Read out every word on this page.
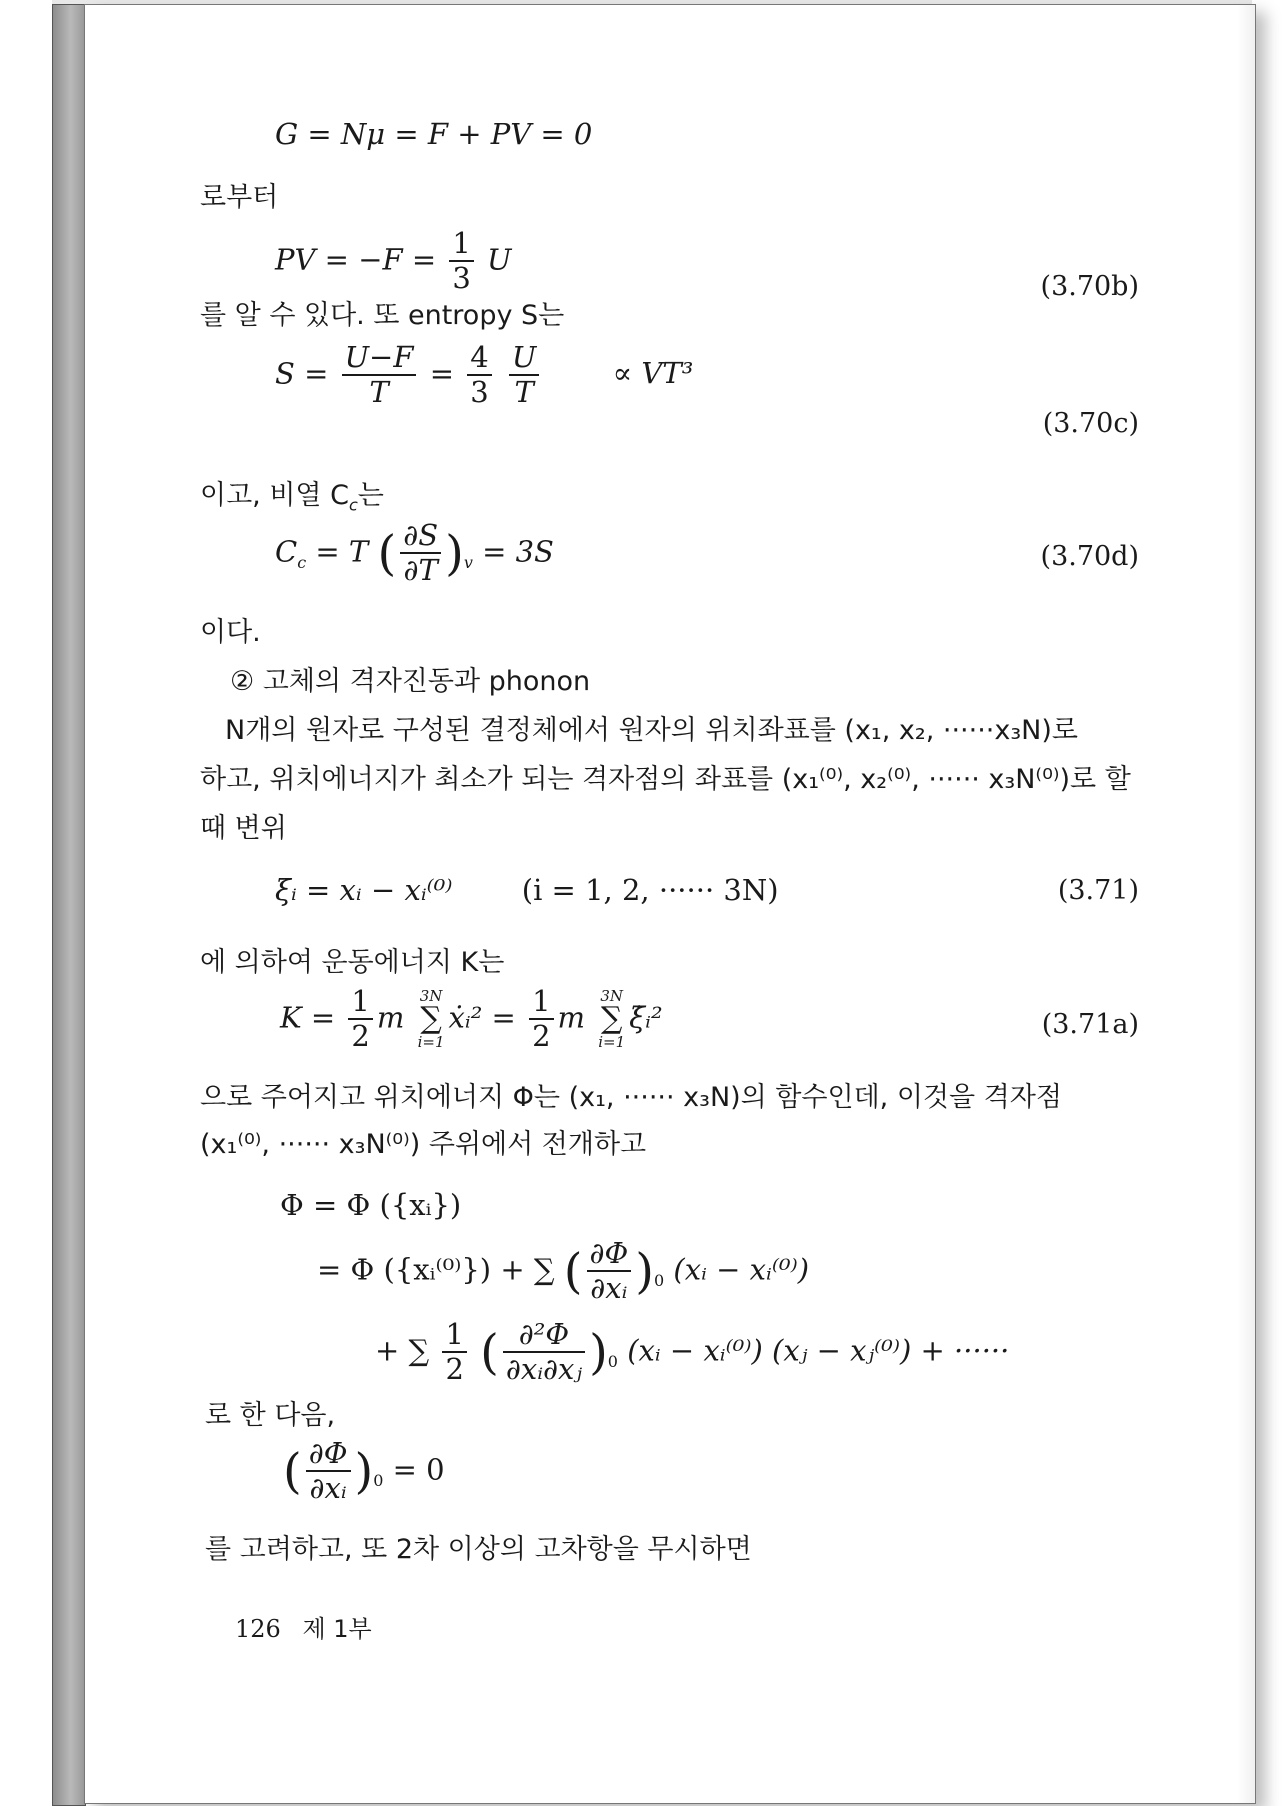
G = Nμ = F + PV = 0
로부터
PV = $-F = \frac{1}{3}$ U
(3.70b)
를 알 수 있다. 또 entropy S는
$S = \frac{U-F}{T} = \frac{4}{3}$
$\frac{U}{T}$	∝ VT³
(3.70c)
이고, 비열 $C_c$는
$C_c = T$ ( $\frac{\partial S}{\partial T} )_v = 3S$	(3.70d)
이다.
② 고체의 격자진동과 phonon
N개의 원자로 구성된 결정체에서 원자의 위치좌표를 (x₁, x₂, ······x₃N)로
하고, 위치에너지가 최소가 되는 격자점의 좌표를 (x₁⁽⁰⁾, x₂⁽⁰⁾, ······ x₃N⁽⁰⁾)로 할
때 변위
ξᵢ = xᵢ − xᵢ⁽⁰⁾ (i = 1, 2, ······ 3N)	(3.71)
에 의하여 운동에너지 K는
$K = \frac{1}{2}$ m 3N
∑
i=1ẋᵢ² = $\frac{1}{2}$ m 3N
∑
i=1ξ̇ᵢ²	(3.71a)
으로 주어지고 위치에너지 Φ는 (x₁, ······ x₃N)의 함수인데, 이것을 격자점
(x₁⁽⁰⁾, ······ x₃N⁽⁰⁾) 주위에서 전개하고
Φ = Φ ({xᵢ})
= Φ ({xᵢ⁽⁰⁾}) + ∑ ( $\frac{\partial\Phi}{\text{∂xᵢ}} )_0$ (xᵢ − xᵢ⁽⁰⁾)
+ ∑ $\frac{1}{2}$ ( $\frac{\text{∂²Φ}}{\text{∂xᵢ∂xⱼ}} )_0$ (xᵢ − xᵢ⁽⁰⁾) (xⱼ − xⱼ⁽⁰⁾) + ······
로 한 다음,
( $\frac{\partial\Phi}{\text{∂xᵢ}} )_0 = 0$
를 고려하고, 또 2차 이상의 고차항을 무시하면
126 제 1부
